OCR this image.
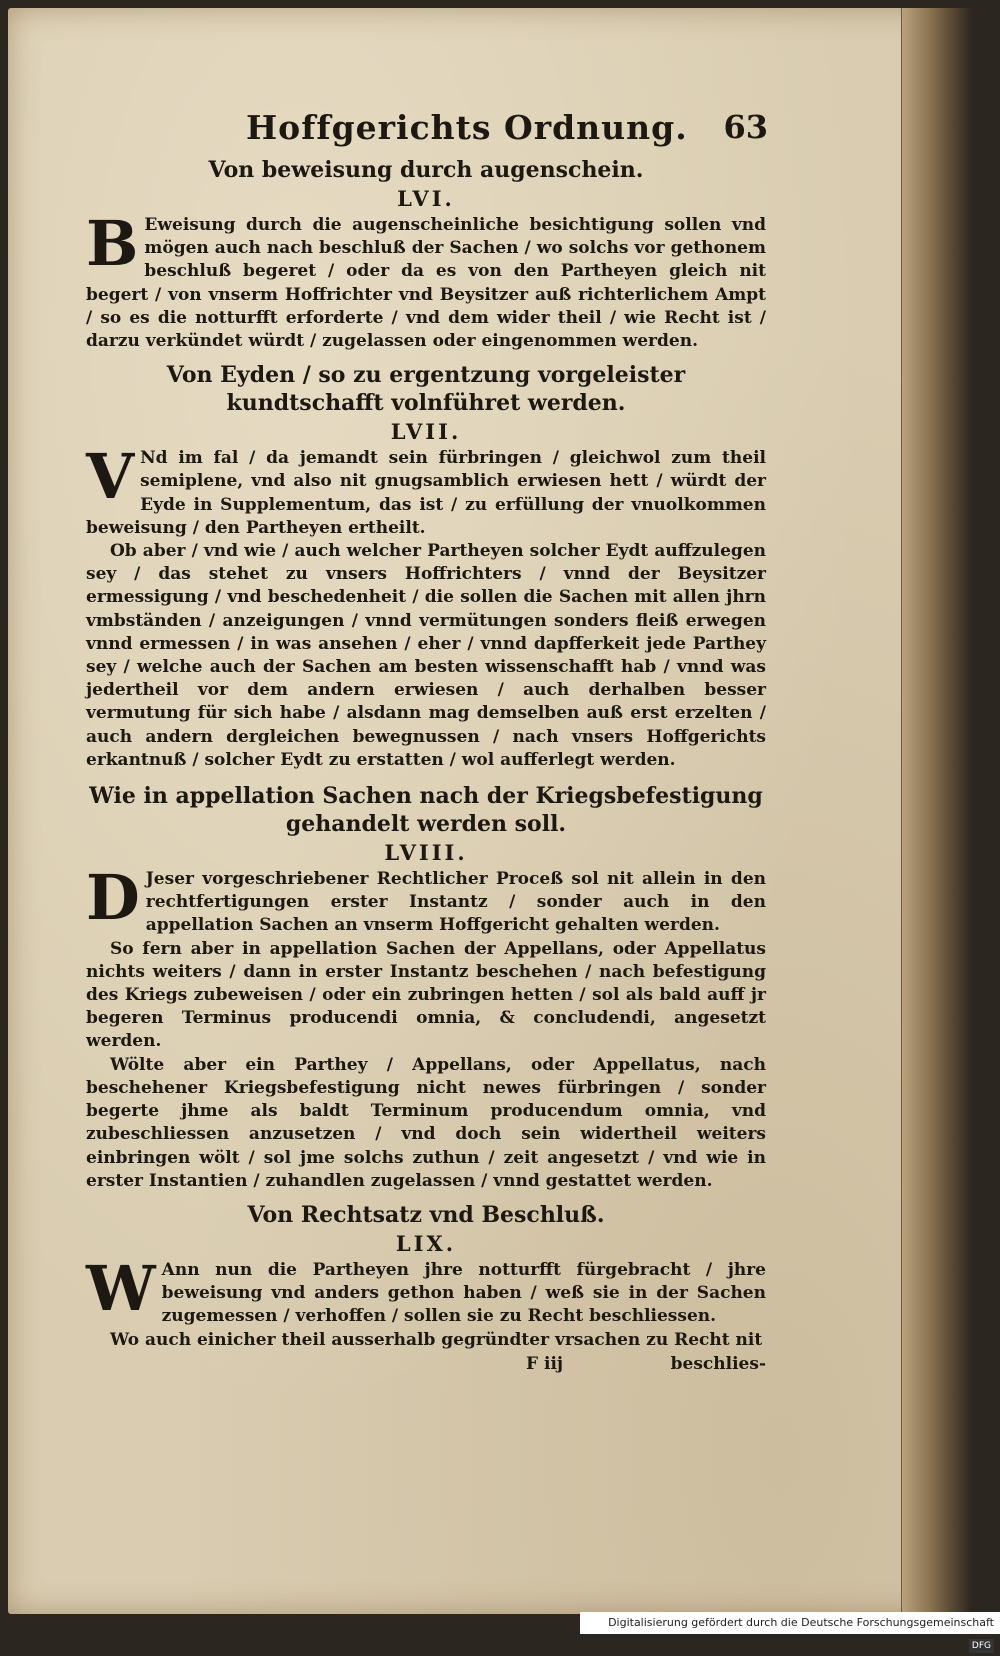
Hoffgerichts Ordnung. 63
Von beweisung durch augenschein.
LVI.
B Eweisung durch die augenscheinliche besichtigung sollen vnd mögen auch nach beschluß der Sachen / wo solchs vor gethonem beschluß begeret / oder da es von den Partheyen gleich nit begert / von vnserm Hoffrichter vnd Beysitzer auß richterlichem Ampt / so es die notturfft erforderte / vnd dem wider theil / wie Recht ist / darzu verkündet würdt / zugelassen oder eingenommen werden.

Von Eyden / so zu ergentzung vorgeleister kundtschafft volnführet werden.
LVII.
V Nd im fal / da jemandt sein fürbringen / gleichwol zum theil semiplene, vnd also nit gnugsamblich erwiesen hett / würdt der Eyde in Supplementum, das ist / zu erfüllung der vnuolkommen beweisung / den Partheyen ertheilt.

Ob aber / vnd wie / auch welcher Partheyen solcher Eydt auffzulegen sey / das stehet zu vnsers Hoffrichters / vnnd der Beysitzer ermessigung / vnd beschedenheit / die sollen die Sachen mit allen jhrn vmbständen / anzeigungen / vnnd vermütungen sonders fleiß erwegen vnnd ermessen / in was ansehen / eher / vnnd dapfferkeit jede Parthey sey / welche auch der Sachen am besten wissenschafft hab / vnnd was jedertheil vor dem andern erwiesen / auch derhalben besser vermutung für sich habe / alsdann mag demselben auß erst erzelten / auch andern dergleichen bewegnussen / nach vnsers Hoffgerichts erkantnuß / solcher Eydt zu erstatten / wol aufferlegt werden.

Wie in appellation Sachen nach der Kriegsbefestigung gehandelt werden soll.
LVIII.
D Jeser vorgeschriebener Rechtlicher Proceß sol nit allein in den rechtfertigungen erster Instantz / sonder auch in den appellation Sachen an vnserm Hoffgericht gehalten werden.

So fern aber in appellation Sachen der Appellans, oder Appellatus nichts weiters / dann in erster Instantz beschehen / nach befestigung des Kriegs zubeweisen / oder ein zubringen hetten / sol als bald auff jr begeren Terminus producendi omnia, & concludendi, angesetzt werden.

Wölte aber ein Parthey / Appellans, oder Appellatus, nach beschehener Kriegsbefestigung nicht newes fürbringen / sonder begerte jhme als baldt Terminum producendum omnia, vnd zubeschliessen anzusetzen / vnd doch sein widertheil weiters einbringen wölt / sol jme solchs zuthun / zeit angesetzt / vnd wie in erster Instantien / zuhandlen zugelassen / vnnd gestattet werden.

Von Rechtsatz vnd Beschluß.
LIX.
W Ann nun die Partheyen jhre notturfft fürgebracht / jhre beweisung vnd anders gethon haben / weß sie in der Sachen zugemessen / verhoffen / sollen sie zu Recht beschliessen.

Wo auch einicher theil ausserhalb gegründter vrsachen zu Recht nit

F iij	beschlies-
Digitalisierung gefördert durch die Deutsche Forschungsgemeinschaft DFG
